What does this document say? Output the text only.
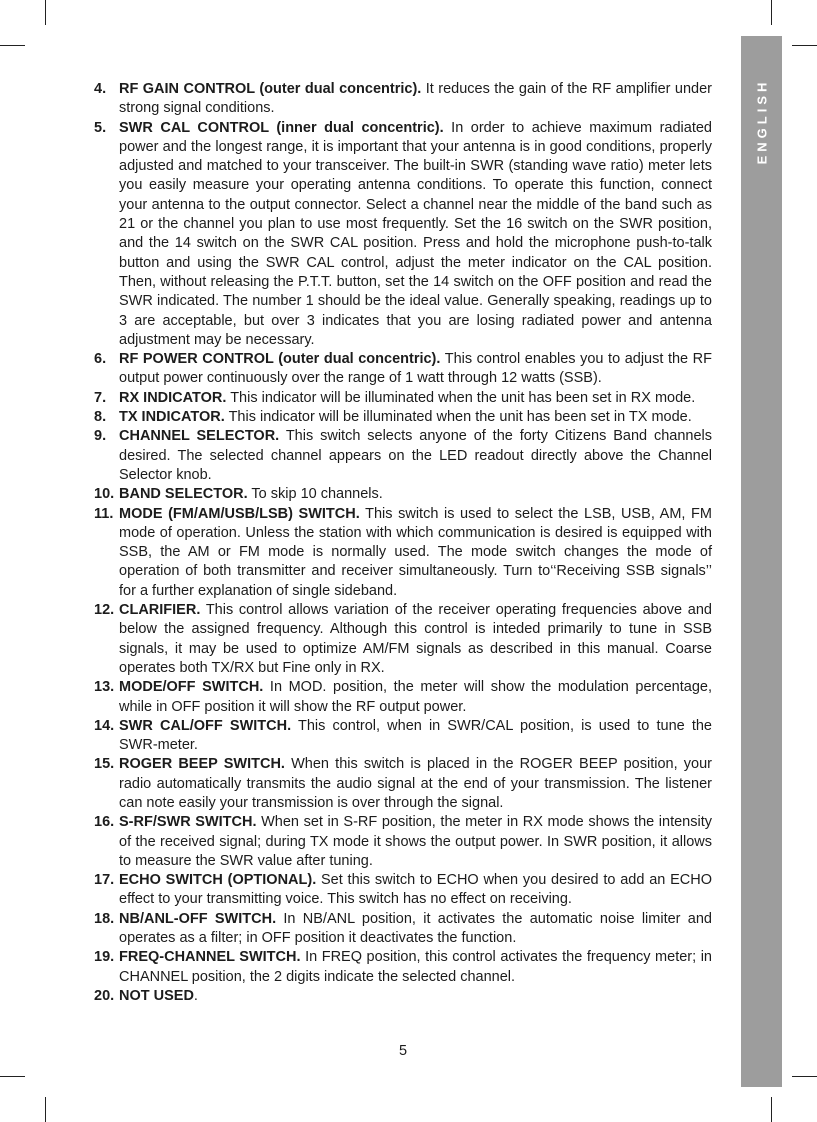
ENGLISH
4. RF GAIN CONTROL (outer dual concentric). It reduces the gain of the RF amplifier under strong signal conditions.
5. SWR CAL CONTROL (inner dual concentric). In order to achieve maximum radiated power and the longest range, it is important that your antenna is in good conditions, properly adjusted and matched to your transceiver. The built-in SWR (standing wave ratio) meter lets you easily measure your operating antenna conditions. To operate this function, connect your antenna to the output connector. Select a channel near the middle of the band such as 21 or the channel you plan to use most frequently. Set the 16 switch on the SWR position, and the 14 switch on the SWR CAL position. Press and hold the microphone push-to-talk button and using the SWR CAL control, adjust the meter indicator on the CAL position. Then, without releasing the P.T.T. button, set the 14 switch on the OFF position and read the SWR indicated. The number 1 should be the ideal value. Generally speaking, readings up to 3 are acceptable, but over 3 indicates that you are losing radiated power and antenna adjustment may be necessary.
6. RF POWER CONTROL (outer dual concentric). This control enables you to adjust the RF output power continuously over the range of 1 watt through 12 watts (SSB).
7. RX INDICATOR. This indicator will be illuminated when the unit has been set in RX mode.
8. TX INDICATOR. This indicator will be illuminated when the unit has been set in TX mode.
9. CHANNEL SELECTOR. This switch selects anyone of the forty Citizens Band channels desired. The selected channel appears on the LED readout directly above the Channel Selector knob.
10. BAND SELECTOR. To skip 10 channels.
11. MODE (FM/AM/USB/LSB) SWITCH. This switch is used to select the LSB, USB, AM, FM mode of operation. Unless the station with which communication is desired is equipped with SSB, the AM or FM mode is normally used. The mode switch changes the mode of operation of both transmitter and receiver simultaneously. Turn to‘‘Receiving SSB signals’’ for a further explanation of single sideband.
12. CLARIFIER. This control allows variation of the receiver operating frequencies above and below the assigned frequency. Although this control is inteded primarily to tune in SSB signals, it may be used to optimize AM/FM signals as described in this manual. Coarse operates both TX/RX but Fine only in RX.
13. MODE/OFF SWITCH. In MOD. position, the meter will show the modulation percentage, while in OFF position it will show the RF output power.
14. SWR CAL/OFF SWITCH. This control, when in SWR/CAL position, is used to tune the SWR-meter.
15. ROGER BEEP SWITCH. When this switch is placed in the ROGER BEEP position, your radio automatically transmits the audio signal at the end of your transmission. The listener can note easily your transmission is over through the signal.
16. S-RF/SWR SWITCH. When set in S-RF position, the meter in RX mode shows the intensity of the received signal; during TX mode it shows the output power. In SWR position, it allows to measure the SWR value after tuning.
17. ECHO SWITCH (OPTIONAL). Set this switch to ECHO when you desired to add an ECHO effect to your transmitting voice. This switch has no effect on receiving.
18. NB/ANL-OFF SWITCH. In NB/ANL position, it activates the automatic noise limiter and operates as a filter; in OFF position it deactivates the function.
19. FREQ-CHANNEL SWITCH. In FREQ position, this control activates the frequency meter; in CHANNEL position, the 2 digits indicate the selected channel.
20. NOT USED.
5
